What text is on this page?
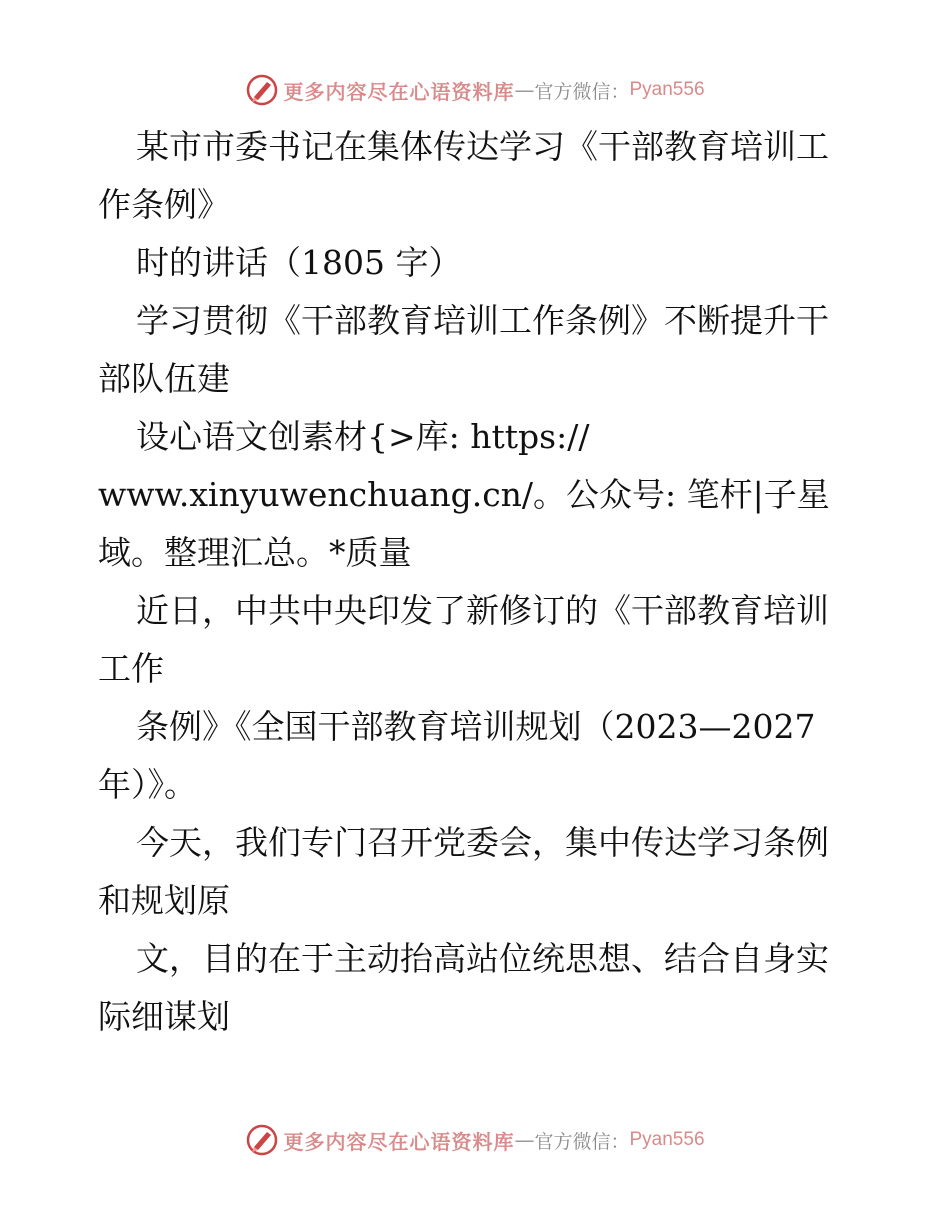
更多内容尽在心语资料库 — 官方微信： Pyan556
某市市委书记在集体传达学习《干部教育培训工
作条例》
时的讲话（1805 字）
学习贯彻《干部教育培训工作条例》不断提升干
部队伍建
设心语文创素材{>库: https://
www.xinyuwenchuang.cn/。公众号: 笔杆|子星
域。整理汇总。*质量
近日，中共中央印发了新修订的《干部教育培训
工作
条例》《全国干部教育培训规划（2023—2027
年）》。
今天，我们专门召开党委会，集中传达学习条例
和规划原
文，目的在于主动抬高站位统思想、结合自身实
际细谋划
更多内容尽在心语资料库 — 官方微信： Pyan556
